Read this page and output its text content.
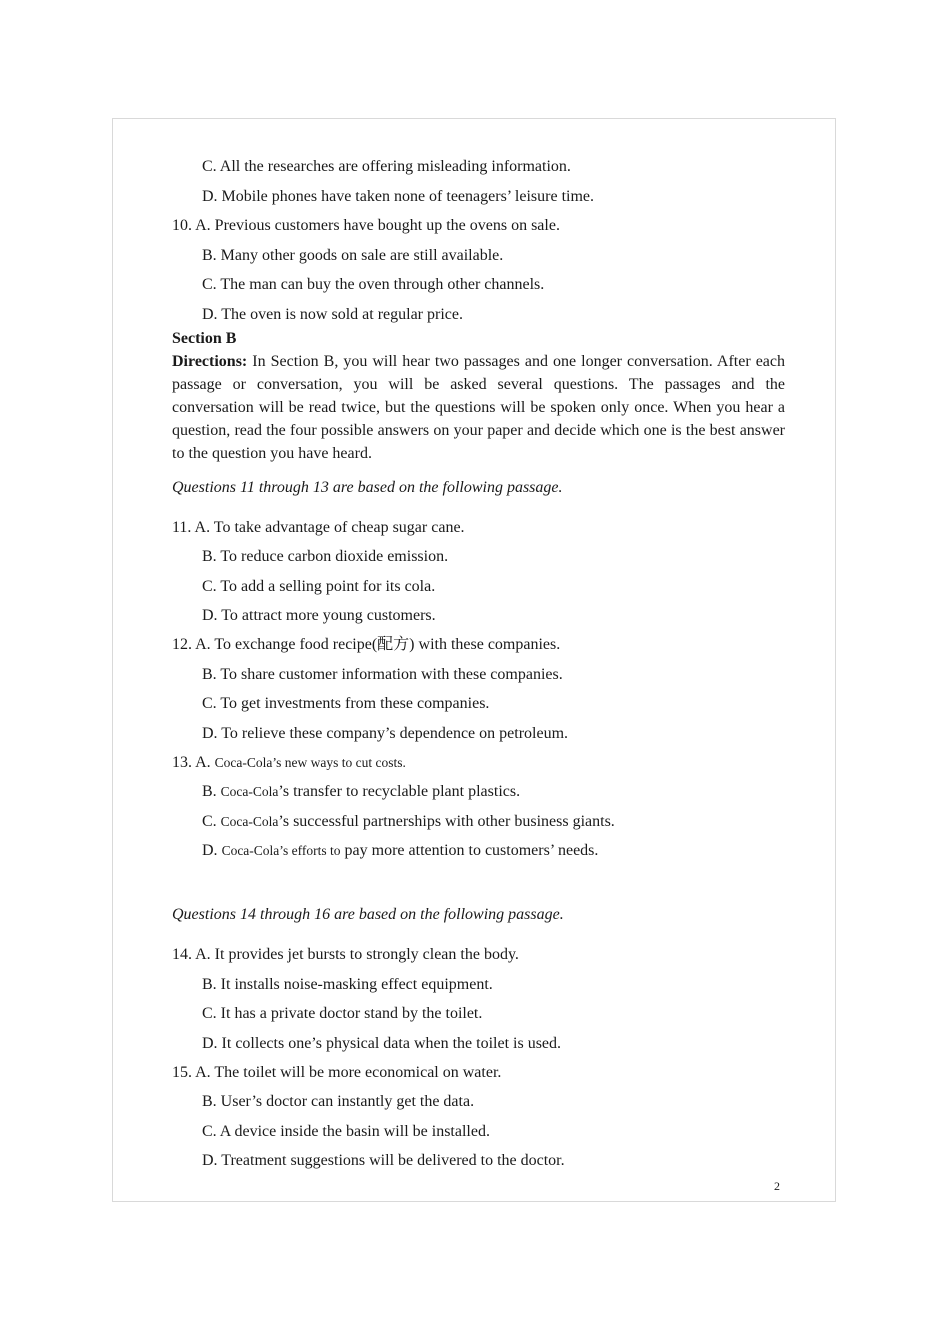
C. All the researches are offering misleading information.
D. Mobile phones have taken none of teenagers’ leisure time.
10. A. Previous customers have bought up the ovens on sale.
B. Many other goods on sale are still available.
C. The man can buy the oven through other channels.
D. The oven is now sold at regular price.
Section B
Directions: In Section B, you will hear two passages and one longer conversation. After each passage or conversation, you will be asked several questions. The passages and the conversation will be read twice, but the questions will be spoken only once. When you hear a question, read the four possible answers on your paper and decide which one is the best answer to the question you have heard.
Questions 11 through 13 are based on the following passage.
11. A. To take advantage of cheap sugar cane.
B. To reduce carbon dioxide emission.
C. To add a selling point for its cola.
D. To attract more young customers.
12. A. To exchange food recipe(配方) with these companies.
B. To share customer information with these companies.
C. To get investments from these companies.
D. To relieve these company’s dependence on petroleum.
13. A. Coca-Cola’s new ways to cut costs.
B. Coca-Cola’s transfer to recyclable plant plastics.
C. Coca-Cola’s successful partnerships with other business giants.
D. Coca-Cola’s efforts to pay more attention to customers’ needs.
Questions 14 through 16 are based on the following passage.
14. A. It provides jet bursts to strongly clean the body.
B. It installs noise-masking effect equipment.
C. It has a private doctor stand by the toilet.
D. It collects one’s physical data when the toilet is used.
15. A. The toilet will be more economical on water.
B. User’s doctor can instantly get the data.
C. A device inside the basin will be installed.
D. Treatment suggestions will be delivered to the doctor.
2
